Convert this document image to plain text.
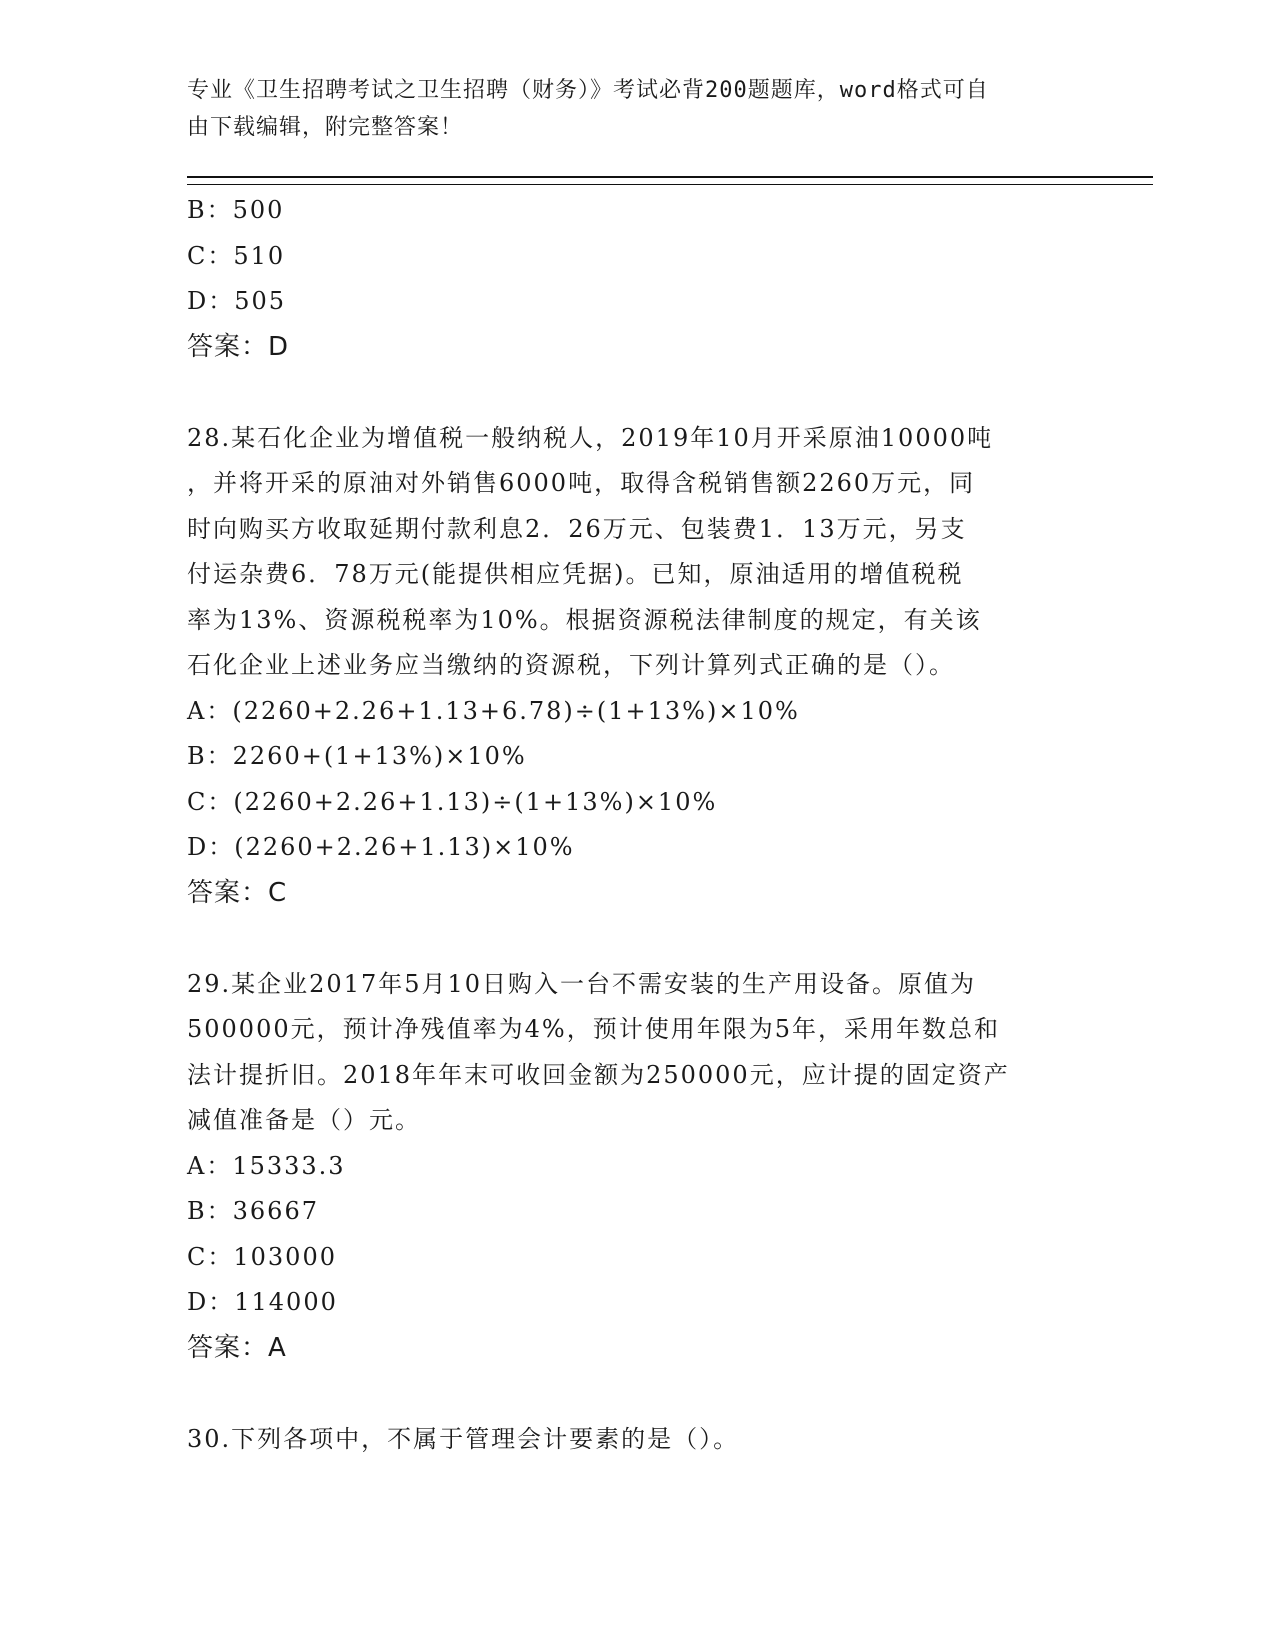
专业《卫生招聘考试之卫生招聘（财务）》考试必背200题题库，word格式可自
由下载编辑，附完整答案！
B：500
C：510
D：505
答案：D
28.某石化企业为增值税一般纳税人，2019年10月开采原油10000吨
，并将开采的原油对外销售6000吨，取得含税销售额2260万元，同
时向购买方收取延期付款利息2．26万元、包装费1．13万元，另支
付运杂费6．78万元(能提供相应凭据)。已知，原油适用的增值税税
率为13%、资源税税率为10%。根据资源税法律制度的规定，有关该
石化企业上述业务应当缴纳的资源税，下列计算列式正确的是（）。
A：(2260+2.26+1.13+6.78)÷(1+13%)×10%
B：2260+(1+13%)×10%
C：(2260+2.26+1.13)÷(1+13%)×10%
D：(2260+2.26+1.13)×10%
答案：C
29.某企业2017年5月10日购入一台不需安装的生产用设备。原值为
500000元，预计净残值率为4%，预计使用年限为5年，采用年数总和
法计提折旧。2018年年末可收回金额为250000元，应计提的固定资产
减值准备是（）元。
A：15333.3
B：36667
C：103000
D：114000
答案：A
30.下列各项中，不属于管理会计要素的是（）。
